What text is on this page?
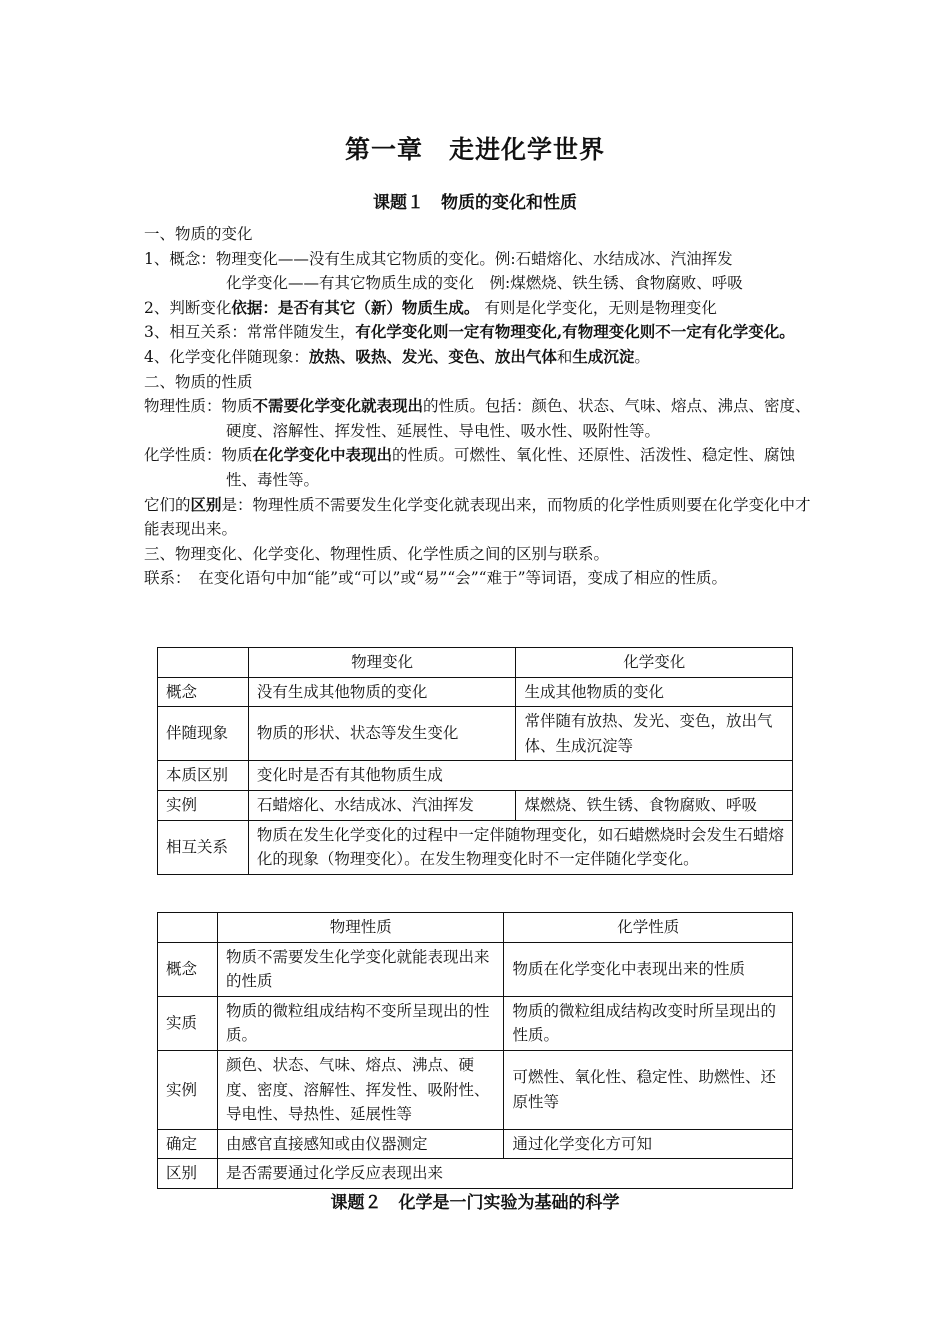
第一章　走进化学世界
课题１　物质的变化和性质
一、物质的变化
1、概念：物理变化——没有生成其它物质的变化。例:石蜡熔化、水结成冰、汽油挥发
化学变化——有其它物质生成的变化　例:煤燃烧、铁生锈、食物腐败、呼吸
2、判断变化依据：是否有其它（新）物质生成。 有则是化学变化，无则是物理变化
3、相互关系：常常伴随发生，有化学变化则一定有物理变化,有物理变化则不一定有化学变化。
4、化学变化伴随现象：放热、吸热、发光、变色、放出气体和生成沉淀。
二、物质的性质
物理性质：物质不需要化学变化就表现出的性质。包括：颜色、状态、气味、熔点、沸点、密度、硬度、溶解性、挥发性、延展性、导电性、吸水性、吸附性等。
化学性质：物质在化学变化中表现出的性质。可燃性、氧化性、还原性、活泼性、稳定性、腐蚀性、毒性等。
它们的区别是：物理性质不需要发生化学变化就表现出来，而物质的化学性质则要在化学变化中才能表现出来。
三、物理变化、化学变化、物理性质、化学性质之间的区别与联系。
联系：　在变化语句中加“能”或“可以”或“易”“会”“难于”等词语，变成了相应的性质。
	物理变化	化学变化
概念	没有生成其他物质的变化	生成其他物质的变化
伴随现象	物质的形状、状态等发生变化	常伴随有放热、发光、变色，放出气体、生成沉淀等
本质区别	变化时是否有其他物质生成	
实例	石蜡熔化、水结成冰、汽油挥发	煤燃烧、铁生锈、食物腐败、呼吸
相互关系	物质在发生化学变化的过程中一定伴随物理变化，如石蜡燃烧时会发生石蜡熔化的现象（物理变化）。在发生物理变化时不一定伴随化学变化。	
	物理性质	化学性质
概念	物质不需要发生化学变化就能表现出来的性质	物质在化学变化中表现出来的性质
实质	物质的微粒组成结构不变所呈现出的性质。	物质的微粒组成结构改变时所呈现出的性质。
实例	颜色、状态、气味、熔点、沸点、硬度、密度、溶解性、挥发性、吸附性、导电性、导热性、延展性等	可燃性、氧化性、稳定性、助燃性、还原性等
确定	由感官直接感知或由仪器测定	通过化学变化方可知
区别	是否需要通过化学反应表现出来	
课题２　化学是一门实验为基础的科学
